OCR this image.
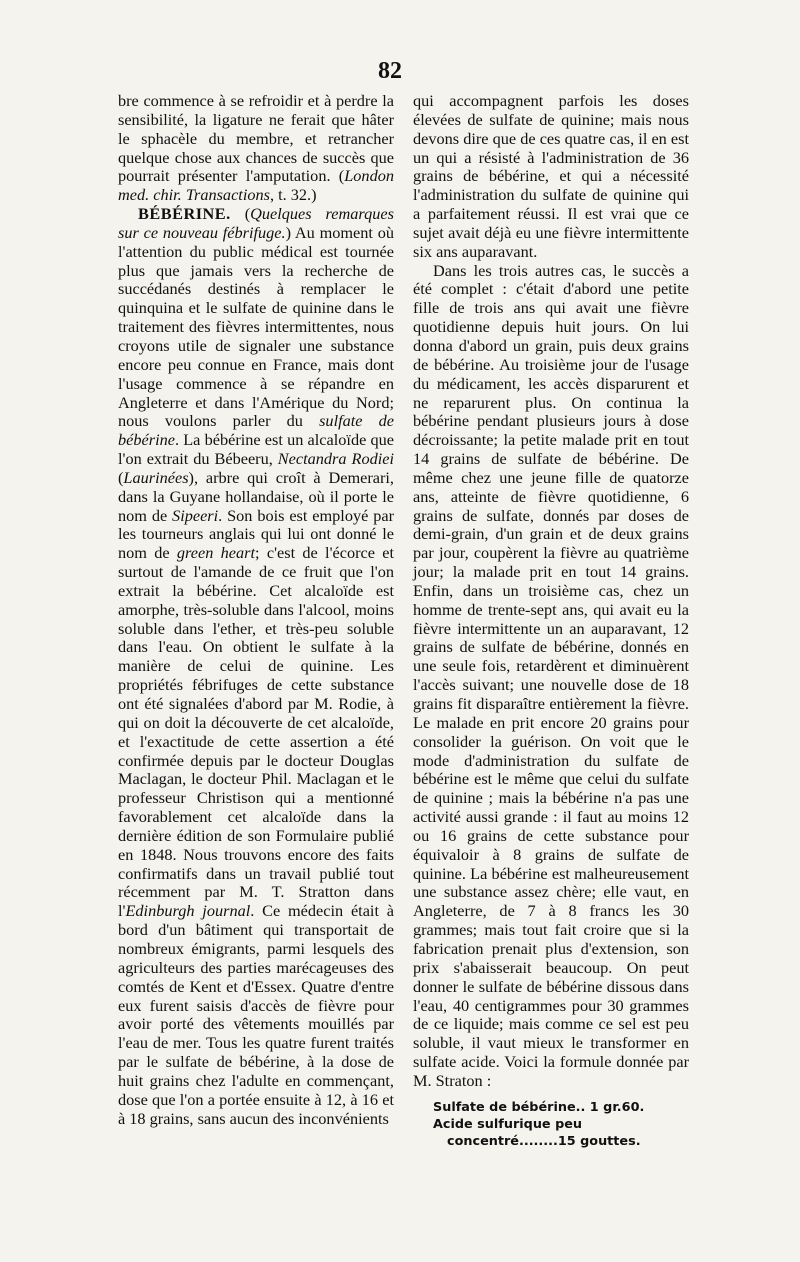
82

bre commence à se refroidir et à perdre la sensibilité, la ligature ne ferait que hâter le sphacèle du membre, et retrancher quelque chose aux chances de succès que pourrait présenter l'amputation. (London med. chir. Transactions, t. 32.)

BÉBÉRINE. (Quelques remarques sur ce nouveau fébrifuge.) Au moment où l'attention du public médical est tournée plus que jamais vers la recherche de succédanés destinés à remplacer le quinquina et le sulfate de quinine dans le traitement des fièvres intermittentes, nous croyons utile de signaler une substance encore peu connue en France, mais dont l'usage commence à se répandre en Angleterre et dans l'Amérique du Nord; nous voulons parler du sulfate de bébérine. La bébérine est un alcaloïde que l'on extrait du Bébeeru, Nectandra Rodiei (Laurinées), arbre qui croît à Demerari, dans la Guyane hollandaise, où il porte le nom de Sipeeri. Son bois est employé par les tourneurs anglais qui lui ont donné le nom de green heart; c'est de l'écorce et surtout de l'amande de ce fruit que l'on extrait la bébérine. Cet alcaloïde est amorphe, très-soluble dans l'alcool, moins soluble dans l'ether, et très-peu soluble dans l'eau. On obtient le sulfate à la manière de celui de quinine. Les propriétés fébrifuges de cette substance ont été signalées d'abord par M. Rodie, à qui on doit la découverte de cet alcaloïde, et l'exactitude de cette assertion a été confirmée depuis par le docteur Douglas Maclagan, le docteur Phil. Maclagan et le professeur Christison qui a mentionné favorablement cet alcaloïde dans la dernière édition de son Formulaire publié en 1848. Nous trouvons encore des faits confirmatifs dans un travail publié tout récemment par M. T. Stratton dans l'Edinburgh journal. Ce médecin était à bord d'un bâtiment qui transportait de nombreux émigrants, parmi lesquels des agriculteurs des parties marécageuses des comtés de Kent et d'Essex. Quatre d'entre eux furent saisis d'accès de fièvre pour avoir porté des vêtements mouillés par l'eau de mer. Tous les quatre furent traités par le sulfate de bébérine, à la dose de huit grains chez l'adulte en commençant, dose que l'on a portée ensuite à 12, à 16 et à 18 grains, sans aucun des inconvénients

qui accompagnent parfois les doses élevées de sulfate de quinine; mais nous devons dire que de ces quatre cas, il en est un qui a résisté à l'administration de 36 grains de bébérine, et qui a nécessité l'administration du sulfate de quinine qui a parfaitement réussi. Il est vrai que ce sujet avait déjà eu une fièvre intermittente six ans auparavant.

Dans les trois autres cas, le succès a été complet : c'était d'abord une petite fille de trois ans qui avait une fièvre quotidienne depuis huit jours. On lui donna d'abord un grain, puis deux grains de bébérine. Au troisième jour de l'usage du médicament, les accès disparurent et ne reparurent plus. On continua la bébérine pendant plusieurs jours à dose décroissante; la petite malade prit en tout 14 grains de sulfate de bébérine. De même chez une jeune fille de quatorze ans, atteinte de fièvre quotidienne, 6 grains de sulfate, donnés par doses de demi-grain, d'un grain et de deux grains par jour, coupèrent la fièvre au quatrième jour; la malade prit en tout 14 grains. Enfin, dans un troisième cas, chez un homme de trente-sept ans, qui avait eu la fièvre intermittente un an auparavant, 12 grains de sulfate de bébérine, donnés en une seule fois, retardèrent et diminuèrent l'accès suivant; une nouvelle dose de 18 grains fit disparaître entièrement la fièvre. Le malade en prit encore 20 grains pour consolider la guérison. On voit que le mode d'administration du sulfate de bébérine est le même que celui du sulfate de quinine ; mais la bébérine n'a pas une activité aussi grande : il faut au moins 12 ou 16 grains de cette substance pour équivaloir à 8 grains de sulfate de quinine. La bébérine est malheureusement une substance assez chère; elle vaut, en Angleterre, de 7 à 8 francs les 30 grammes; mais tout fait croire que si la fabrication prenait plus d'extension, son prix s'abaisserait beaucoup. On peut donner le sulfate de bébérine dissous dans l'eau, 40 centigrammes pour 30 grammes de ce liquide; mais comme ce sel est peu soluble, il vaut mieux le transformer en sulfate acide. Voici la formule donnée par M. Straton :

Sulfate de bébérine.. 1 gr.60.
Acide sulfurique peu
concentré........15 gouttes.
